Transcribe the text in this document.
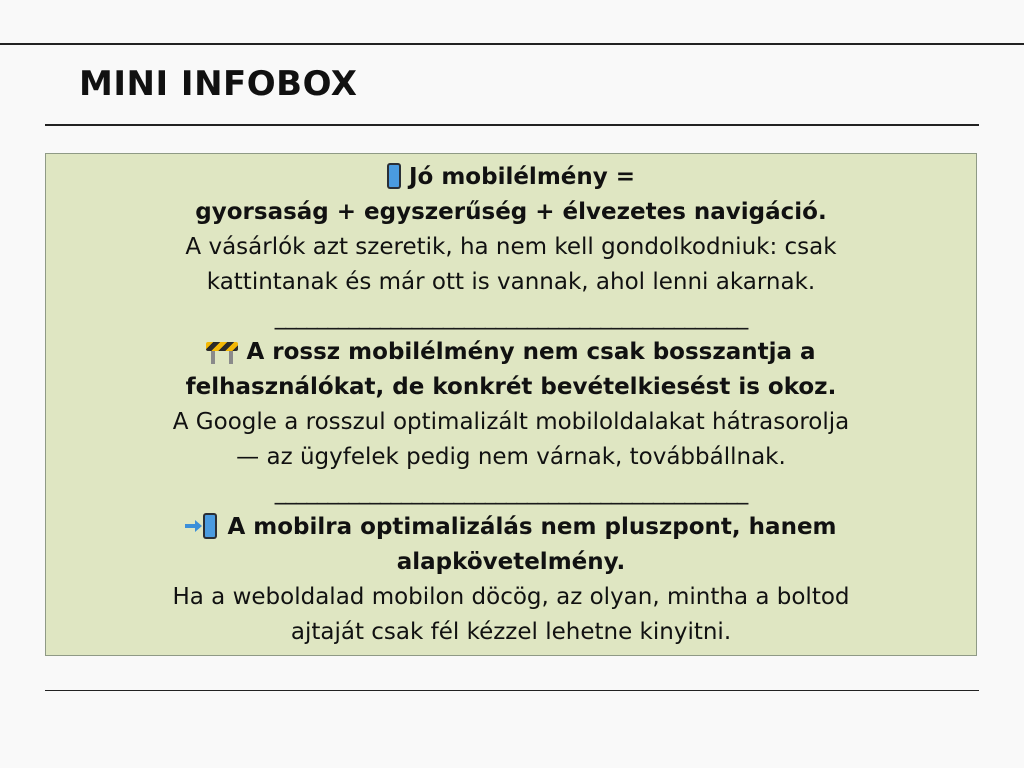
MINI INFOBOX
Jó mobilélmény =
gyorsaság + egyszerűség + élvezetes navigáció.
A vásárlók azt szeretik, ha nem kell gondolkodniuk: csak
kattintanak és már ott is vannak, ahol lenni akarnak.
_____________________________________________
A rossz mobilélmény nem csak bosszantja a
felhasználókat, de konkrét bevételkiesést is okoz.
A Google a rosszul optimalizált mobiloldalakat hátrasorolja
— az ügyfelek pedig nem várnak, továbbállnak.
_____________________________________________
A mobilra optimalizálás nem pluszpont, hanem
alapkövetelmény.
Ha a weboldalad mobilon döcög, az olyan, mintha a boltod
ajtaját csak fél kézzel lehetne kinyitni.
